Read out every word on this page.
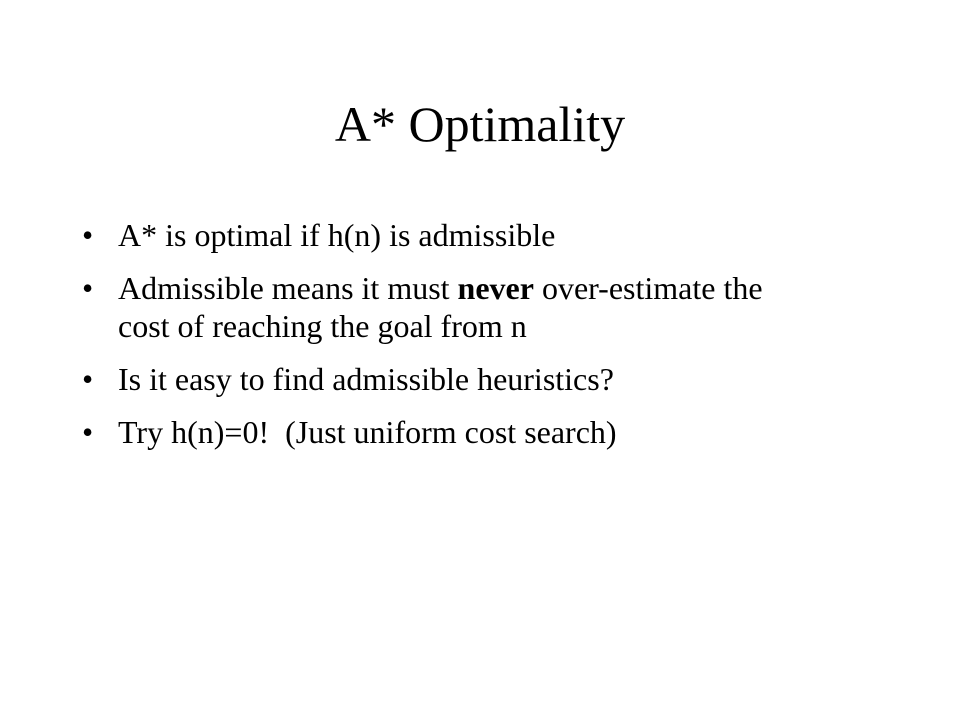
A* Optimality
• A* is optimal if h(n) is admissible
• Admissible means it must never over-estimate the cost of reaching the goal from n
• Is it easy to find admissible heuristics?
• Try h(n)=0!  (Just uniform cost search)
